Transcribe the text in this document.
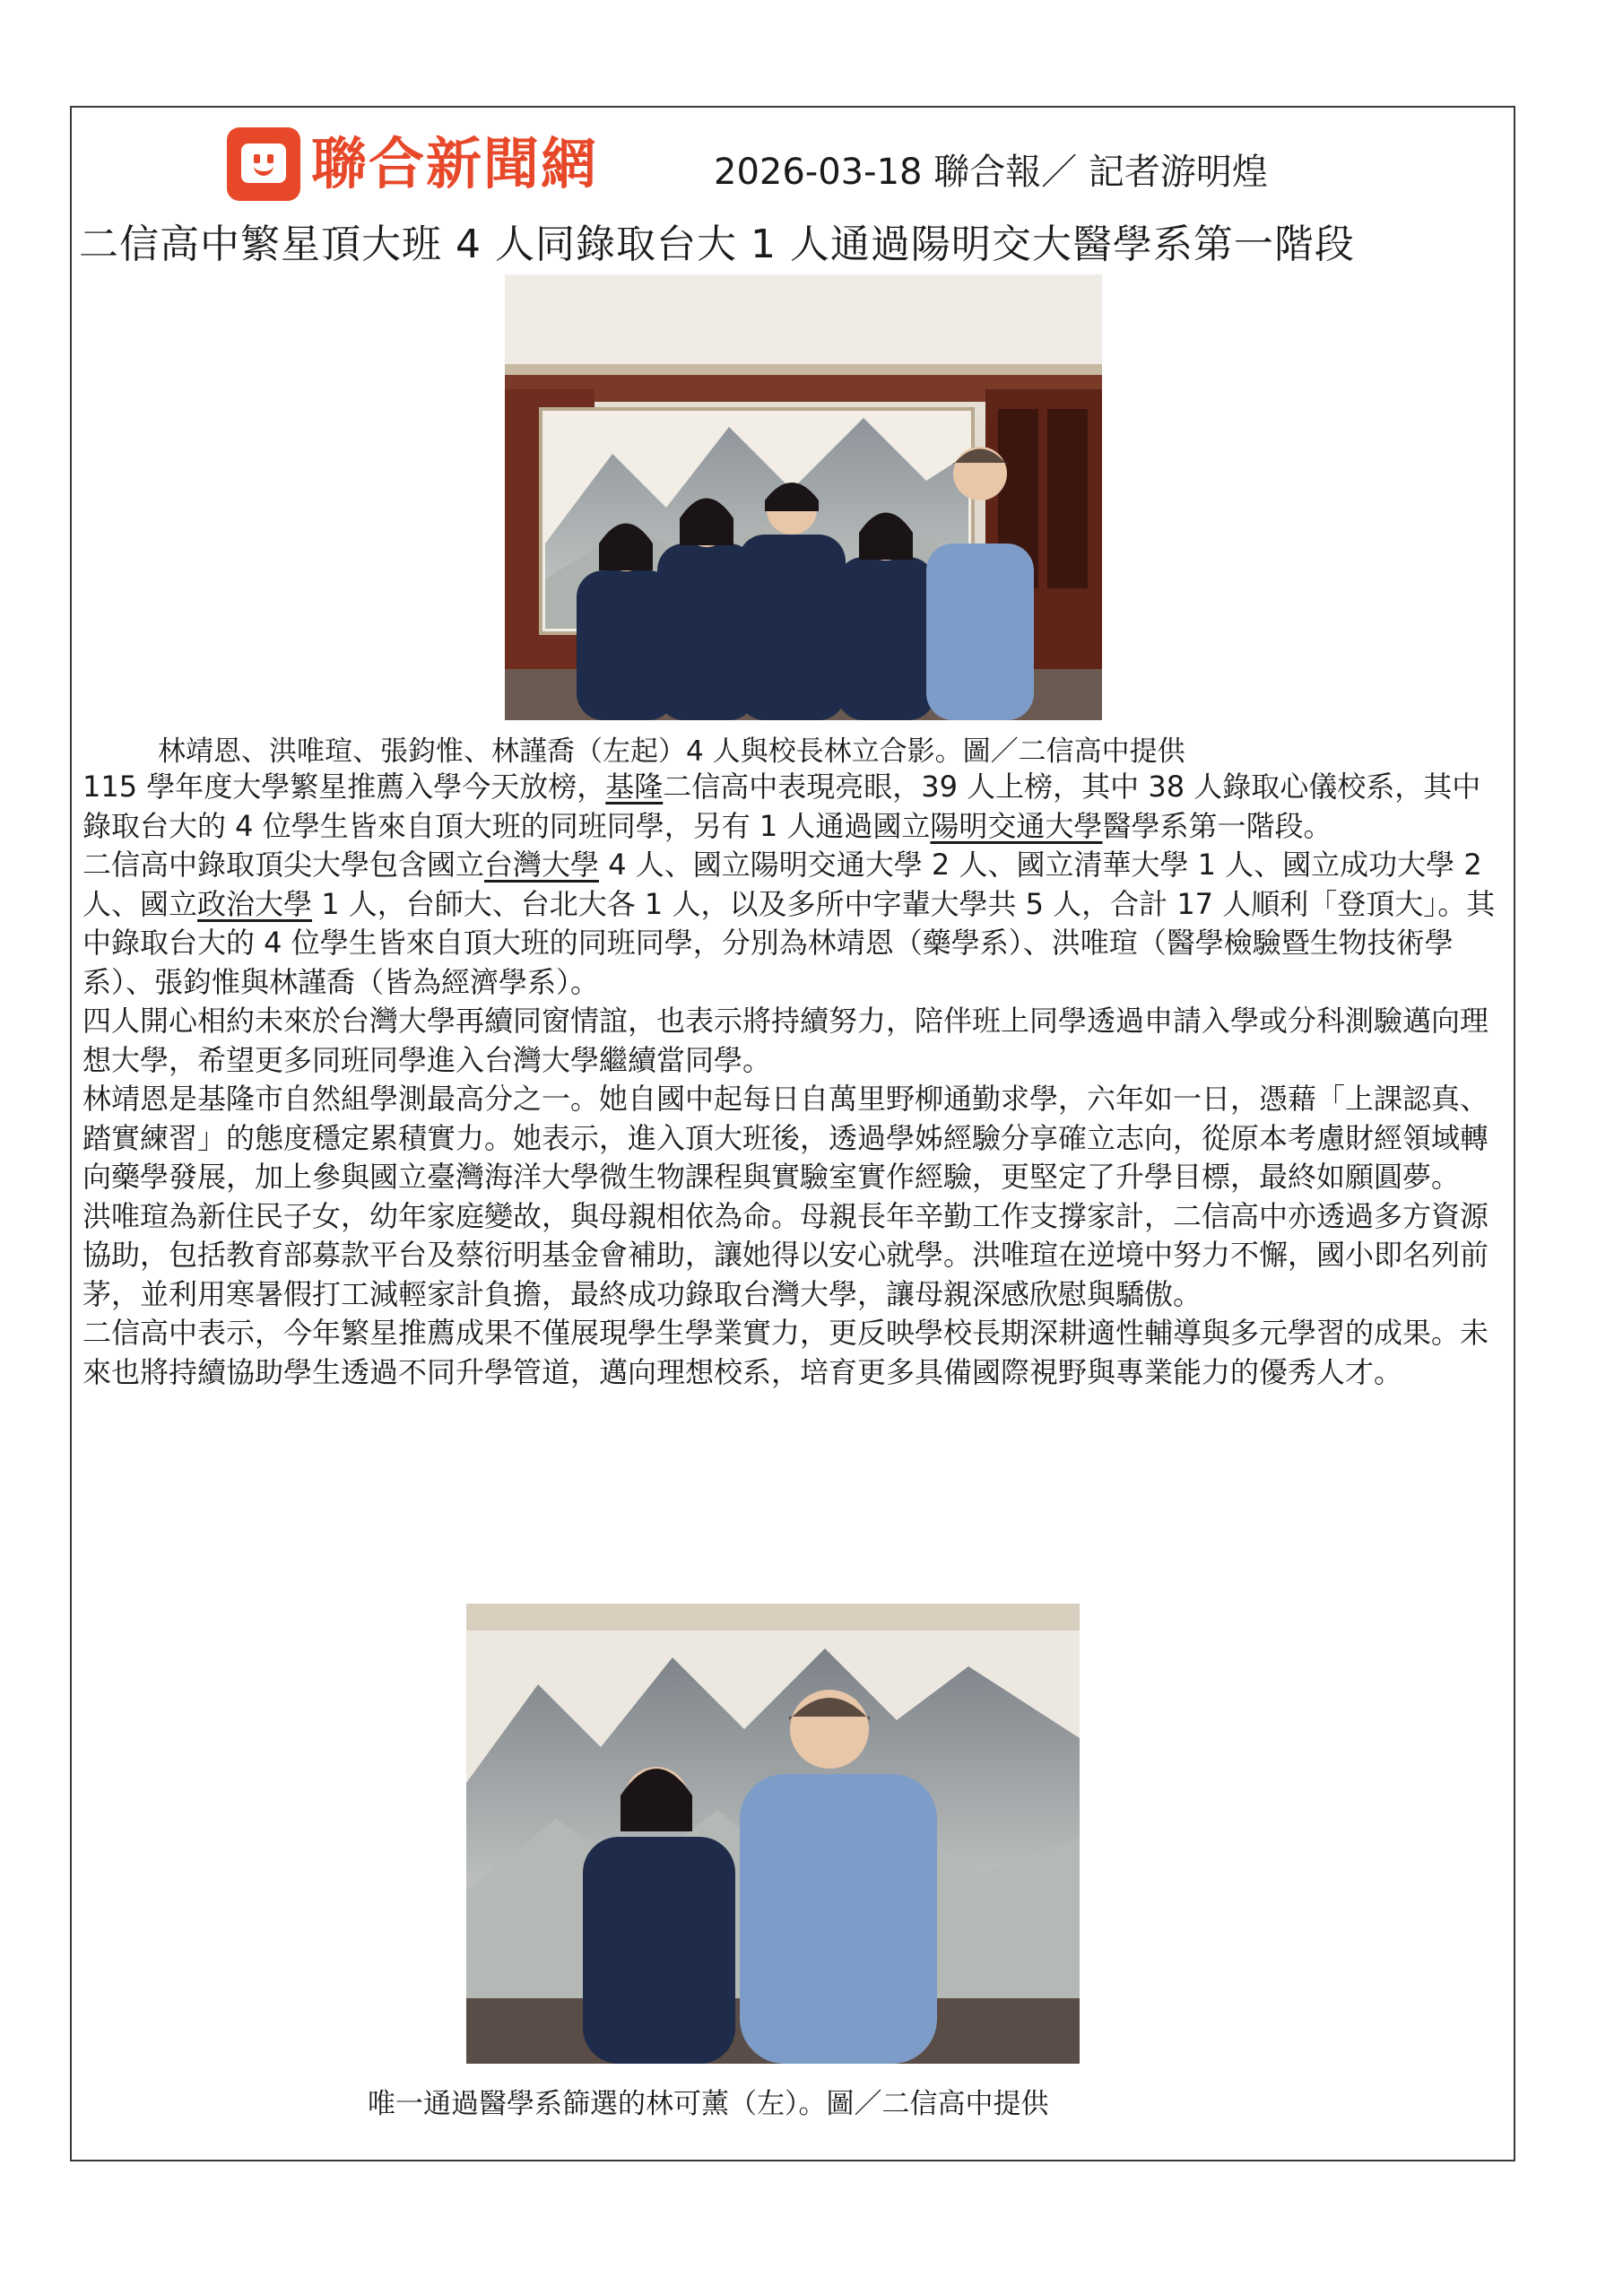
聯合新聞網	2026-03-18 聯合報／ 記者游明煌
二信高中繁星頂大班 4 人同錄取台大 1 人通過陽明交大醫學系第一階段
林靖恩、洪唯瑄、張鈞惟、林謹喬（左起）4 人與校長林立合影。圖／二信高中提供

115 學年度大學繁星推薦入學今天放榜，基隆二信高中表現亮眼，39 人上榜，其中 38 人錄取心儀校系，其中錄取台大的 4 位學生皆來自頂大班的同班同學，另有 1 人通過國立陽明交通大學醫學系第一階段。

二信高中錄取頂尖大學包含國立台灣大學 4 人、國立陽明交通大學 2 人、國立清華大學 1 人、國立成功大學 2 人、國立政治大學 1 人，台師大、台北大各 1 人，以及多所中字輩大學共 5 人，合計 17 人順利「登頂大」。其中錄取台大的 4 位學生皆來自頂大班的同班同學，分別為林靖恩（藥學系）、洪唯瑄（醫學檢驗暨生物技術學系）、張鈞惟與林謹喬（皆為經濟學系）。

四人開心相約未來於台灣大學再續同窗情誼，也表示將持續努力，陪伴班上同學透過申請入學或分科測驗邁向理想大學，希望更多同班同學進入台灣大學繼續當同學。

林靖恩是基隆市自然組學測最高分之一。她自國中起每日自萬里野柳通勤求學，六年如一日，憑藉「上課認真、踏實練習」的態度穩定累積實力。她表示，進入頂大班後，透過學姊經驗分享確立志向，從原本考慮財經領域轉向藥學發展，加上參與國立臺灣海洋大學微生物課程與實驗室實作經驗，更堅定了升學目標，最終如願圓夢。

洪唯瑄為新住民子女，幼年家庭變故，與母親相依為命。母親長年辛勤工作支撐家計，二信高中亦透過多方資源協助，包括教育部募款平台及蔡衍明基金會補助，讓她得以安心就學。洪唯瑄在逆境中努力不懈，國小即名列前茅，並利用寒暑假打工減輕家計負擔，最終成功錄取台灣大學，讓母親深感欣慰與驕傲。

二信高中表示，今年繁星推薦成果不僅展現學生學業實力，更反映學校長期深耕適性輔導與多元學習的成果。未來也將持續協助學生透過不同升學管道，邁向理想校系，培育更多具備國際視野與專業能力的優秀人才。

唯一通過醫學系篩選的林可薰（左）。圖／二信高中提供
